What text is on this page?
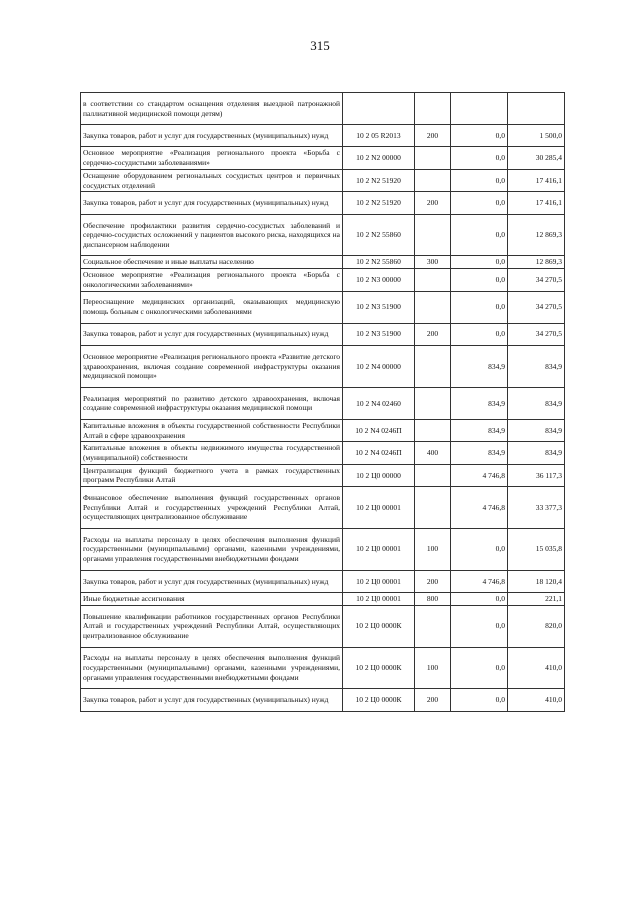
315
в соответствии со стандартом оснащения отделения выездной патронажной паллиативной медицинской помощи детям)				
Закупка товаров, работ и услуг для государственных (муниципальных) нужд	10 2 05 R2013	200	0,0	1 500,0
Основное мероприятие «Реализация регионального проекта «Борьба с сердечно-сосудистыми заболеваниями»	10 2 N2 00000		0,0	30 285,4
Оснащение оборудованием региональных сосудистых центров и первичных сосудистых отделений	10 2 N2 51920		0,0	17 416,1
Закупка товаров, работ и услуг для государственных (муниципальных) нужд	10 2 N2 51920	200	0,0	17 416,1
Обеспечение профилактики развития сердечно-сосудистых заболеваний и сердечно-сосудистых осложнений у пациентов высокого риска, находящихся на диспансерном наблюдении	10 2 N2 55860		0,0	12 869,3
Социальное обеспечение и иные выплаты населению	10 2 N2 55860	300	0,0	12 869,3
Основное мероприятие «Реализация регионального проекта «Борьба с онкологическими заболеваниями»	10 2 N3 00000		0,0	34 270,5
Переоснащение медицинских организаций, оказывающих медицинскую помощь больным с онкологическими заболеваниями	10 2 N3 51900		0,0	34 270,5
Закупка товаров, работ и услуг для государственных (муниципальных) нужд	10 2 N3 51900	200	0,0	34 270,5
Основное мероприятие «Реализация регионального проекта «Развитие детского здравоохранения, включая создание современной инфраструктуры оказания медицинской помощи»	10 2 N4 00000		834,9	834,9
Реализация мероприятий по развитию детского здравоохранения, включая создание современной инфраструктуры оказания медицинской помощи	10 2 N4 02460		834,9	834,9
Капитальные вложения в объекты государственной собственности Республики Алтай в сфере здравоохранения	10 2 N4 0246П		834,9	834,9
Капитальные вложения в объекты недвижимого имущества государственной (муниципальной) собственности	10 2 N4 0246П	400	834,9	834,9
Централизация функций бюджетного учета в рамках государственных программ Республики Алтай	10 2 Ц0 00000		4 746,8	36 117,3
Финансовое обеспечение выполнения функций государственных органов Республики Алтай и государственных учреждений Республики Алтай, осуществляющих централизованное обслуживание	10 2 Ц0 00001		4 746,8	33 377,3
Расходы на выплаты персоналу в целях обеспечения выполнения функций государственными (муниципальными) органами, казенными учреждениями, органами управления государственными внебюджетными фондами	10 2 Ц0 00001	100	0,0	15 035,8
Закупка товаров, работ и услуг для государственных (муниципальных) нужд	10 2 Ц0 00001	200	4 746,8	18 120,4
Иные бюджетные ассигнования	10 2 Ц0 00001	800	0,0	221,1
Повышение квалификации работников государственных органов Республики Алтай и государственных учреждений Республики Алтай, осуществляющих централизованное обслуживание	10 2 Ц0 0000К		0,0	820,0
Расходы на выплаты персоналу в целях обеспечения выполнения функций государственными (муниципальными) органами, казенными учреждениями, органами управления государственными внебюджетными фондами	10 2 Ц0 0000К	100	0,0	410,0
Закупка товаров, работ и услуг для государственных (муниципальных) нужд	10 2 Ц0 0000К	200	0,0	410,0
